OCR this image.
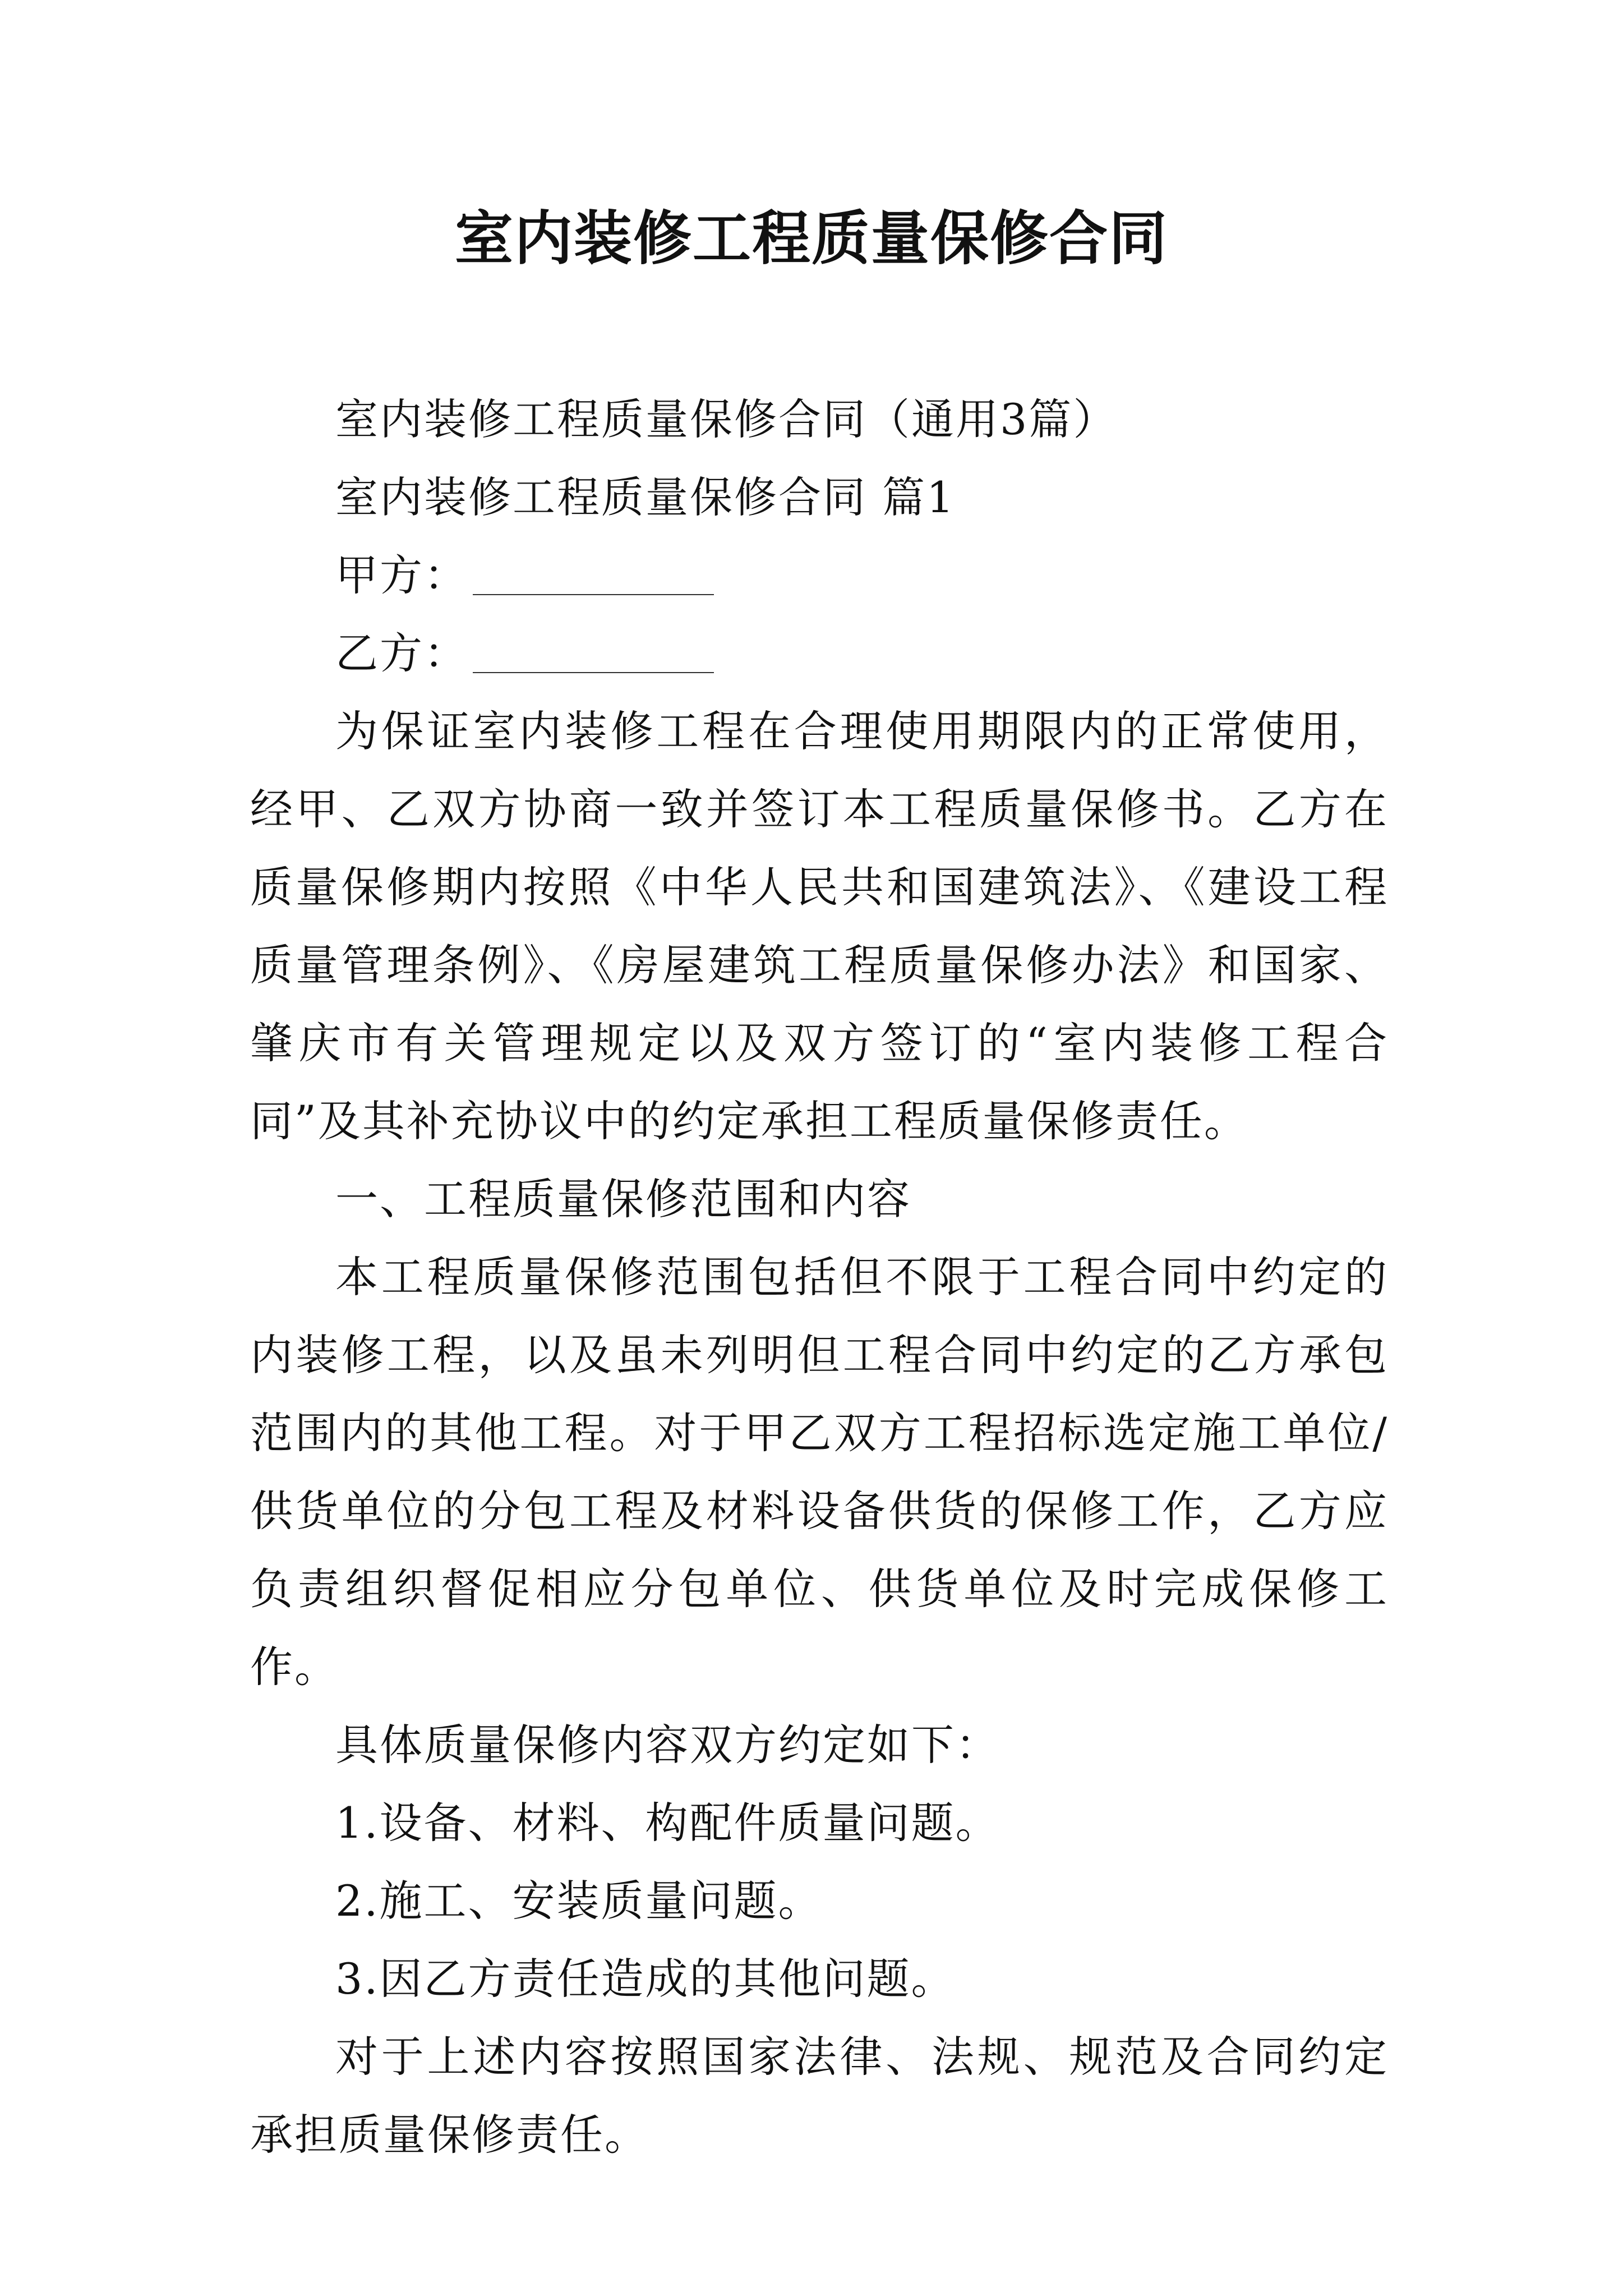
室内装修工程质量保修合同

室内装修工程质量保修合同（通用3篇）

室内装修工程质量保修合同 篇1

甲方：

乙方：

为保证室内装修工程在合理使用期限内的正常使用，经甲、乙双方协商一致并签订本工程质量保修书。乙方在质量保修期内按照《中华人民共和国建筑法》、《建设工程质量管理条例》、《房屋建筑工程质量保修办法》和国家、肇庆市有关管理规定以及双方签订的“室内装修工程合同”及其补充协议中的约定承担工程质量保修责任。

一、工程质量保修范围和内容

本工程质量保修范围包括但不限于工程合同中约定的内装修工程，以及虽未列明但工程合同中约定的乙方承包范围内的其他工程。对于甲乙双方工程招标选定施工单位/供货单位的分包工程及材料设备供货的保修工作，乙方应负责组织督促相应分包单位、供货单位及时完成保修工作。

具体质量保修内容双方约定如下：

1.设备、材料、构配件质量问题。

2.施工、安装质量问题。

3.因乙方责任造成的其他问题。

对于上述内容按照国家法律、法规、规范及合同约定承担质量保修责任。
